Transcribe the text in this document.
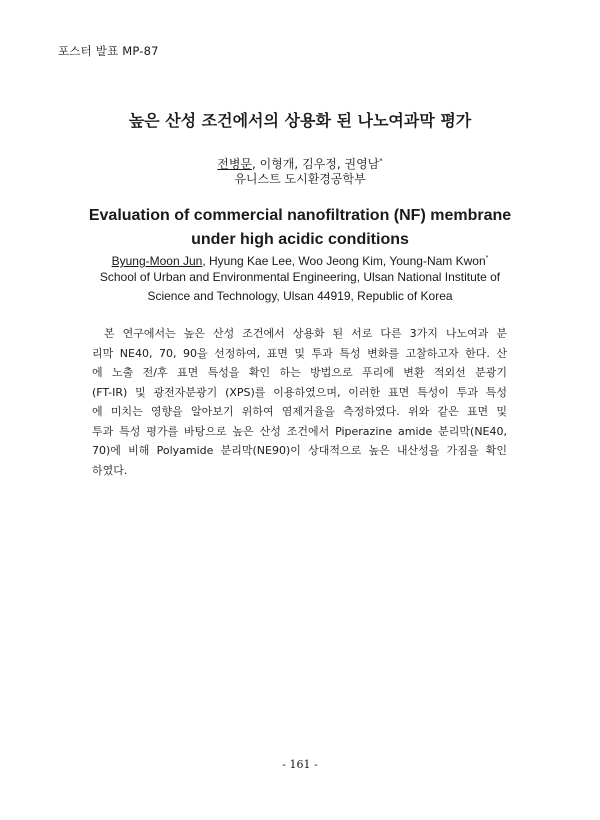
포스터 발표 MP-87
높은 산성 조건에서의 상용화 된 나노여과막 평가
전병문, 이형개, 김우정, 권영남*
유니스트 도시환경공학부
Evaluation of commercial nanofiltration (NF) membrane
under high acidic conditions
Byung-Moon Jun, Hyung Kae Lee, Woo Jeong Kim, Young-Nam Kwon*
School of Urban and Environmental Engineering, Ulsan National Institute of
Science and Technology, Ulsan 44919, Republic of Korea
본 연구에서는 높은 산성 조건에서 상용화 된 서로 다른 3가지 나노여과 분
리막 NE40, 70, 90을 선정하여, 표면 및 투과 특성 변화를 고찰하고자 한다. 산
에 노출 전/후 표면 특성을 확인 하는 방법으로 푸리에 변환 적외선 분광기
(FT-IR) 및 광전자분광기 (XPS)를 이용하였으며, 이러한 표면 특성이 투과 특성
에 미치는 영향을 알아보기 위하여 염제거율을 측정하였다. 위와 같은 표면 및
투과 특성 평가를 바탕으로 높은 산성 조건에서 Piperazine amide 분리막(NE40,
70)에 비해 Polyamide 분리막(NE90)이 상대적으로 높은 내산성을 가짐을 확인
하였다.
- 161 -
